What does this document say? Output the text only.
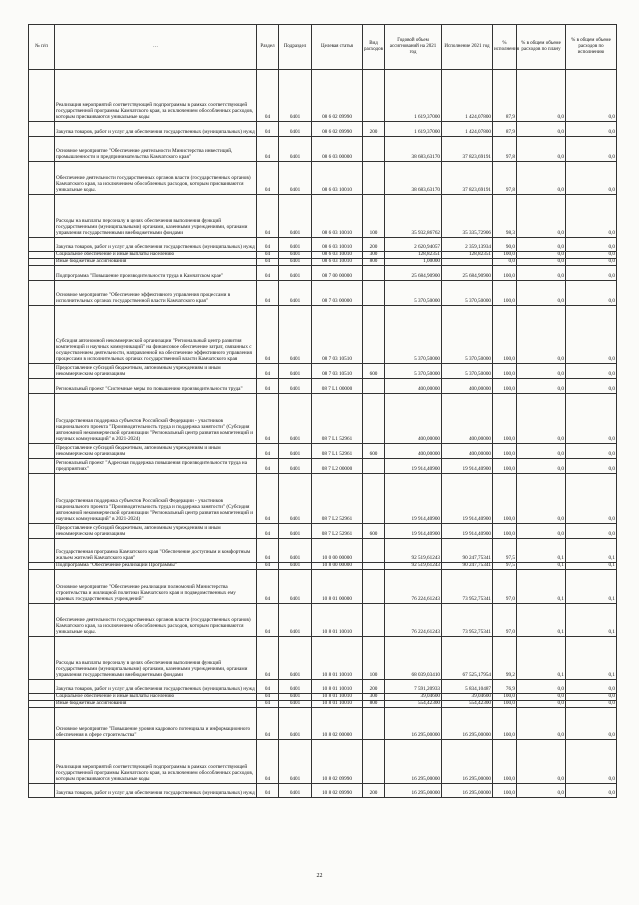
№ п/п	…	Раздел	Подраздел	Целевая статья	Вид расходов	Годовой объем ассигнований на 2021 год	Исполнение 2021 год	% исполнения	% в общем объеме расходов по плану	% в общем объеме расходов по исполнению
	Реализация мероприятий соответствующей подпрограммы в рамках соответствующей государственной программы Камчатского края, за исключением обособленных расходов, которым присваиваются уникальные коды	04	0401	08 6 02 09990		1 619,37000	1 424,07800	87,9	0,0	0,0
	Закупка товаров, работ и услуг для обеспечения государственных (муниципальных) нужд	04	0401	08 6 02 09990	200	1 619,37000	1 424,07800	87,9	0,0	0,0
	Основное мероприятие "Обеспечение деятельности Министерства инвестиций, промышленности и предпринимательства Камчатского края"	04	0401	08 6 03 00000		38 683,63170	37 823,69191	97,8	0,0	0,0
	Обеспечение деятельности государственных органов власти (государственных органов) Камчатского края, за исключением обособленных расходов, которым присваиваются уникальные коды.	04	0401	08 6 03 10010		38 683,63170	37 823,69191	97,8	0,0	0,0
	Расходы на выплаты персоналу в целях обеспечения выполнения функций государственными (муниципальными) органами, казенными учреждениями, органами управления государственными внебюджетными фондами	04	0401	08 6 03 10010	100	35 932,86762	35 335,72906	98,3	0,0	0,0
	Закупка товаров, работ и услуг для обеспечения государственных (муниципальных) нужд	04	0401	08 6 03 10010	200	2 620,94057	2 359,13934	90,0	0,0	0,0
	Социальное обеспечение и иные выплаты населению	04	0401	08 6 03 10010	300	128,82351	128,82351	100,0	0,0	0,0
	Иные бюджетные ассигнования	04	0401	08 6 03 10010	800	1,00000		0,0	0,0	0,0
	Подпрограмма "Повышение производительности труда в Камчатском крае"	04	0401	08 7 00 00000		25 684,90900	25 684,90900	100,0	0,0	0,0
	Основное мероприятие "Обеспечение эффективного управления процессами в исполнительных органах государственной власти Камчатского края"	04	0401	08 7 03 00000		5 370,50000	5 370,50000	100,0	0,0	0,0
	Субсидия автономной некоммерческой организации "Региональный центр развития компетенций и научных коммуникаций" на финансовое обеспечение затрат, связанных с осуществлением деятельности, направленной на обеспечение эффективного управления процессами в исполнительных органах государственной власти Камчатского края	04	0401	08 7 03 10510		5 370,50000	5 370,50000	100,0	0,0	0,0
	Предоставление субсидий бюджетным, автономным учреждениям и иным некоммерческим организациям	04	0401	08 7 03 10510	600	5 370,50000	5 370,50000	100,0	0,0	0,0
	Региональный проект "Системные меры по повышению производительности труда"	04	0401	08 7 L1 00000		400,00000	400,00000	100,0	0,0	0,0
	Государственная поддержка субъектов Российской Федерации - участников национального проекта "Производительность труда и поддержка занятости" (Субсидия автономной некоммерческой организации "Региональный центр развития компетенций и научных коммуникаций" в 2021-2024)	04	0401	08 7 L1 52961		400,00000	400,00000	100,0	0,0	0,0
	Предоставление субсидий бюджетным, автономным учреждениям и иным некоммерческим организациям	04	0401	08 7 L1 52961	600	400,00000	400,00000	100,0	0,0	0,0
	Региональный проект "Адресная поддержка повышения производительности труда на предприятиях"	04	0401	08 7 L2 00000		19 914,40900	19 914,40900	100,0	0,0	0,0
	Государственная поддержка субъектов Российской Федерации - участников национального проекта "Производительность труда и поддержка занятости" (Субсидия автономной некоммерческой организации "Региональный центр развития компетенций и научных коммуникаций" в 2021-2024)	04	0401	08 7 L2 52961		19 914,40900	19 914,40900	100,0	0,0	0,0
	Предоставление субсидий бюджетным, автономным учреждениям и иным некоммерческим организациям	04	0401	08 7 L2 52961	600	19 914,40900	19 914,40900	100,0	0,0	0,0
	Государственная программа Камчатского края "Обеспечение доступным и комфортным жильем жителей Камчатского края"	04	0401	10 0 00 00000		92 519,61243	90 247,75341	97,5	0,1	0,1
	Подпрограмма "Обеспечение реализации Программы"	04	0401	10 8 00 00000		92 519,61243	90 247,75341	97,5	0,1	0,1
	Основное мероприятие "Обеспечение реализации полномочий Министерства строительства и жилищной политики Камчатского края и подведомственных ему краевых государственных учреждений"	04	0401	10 8 01 00000		76 224,61243	73 952,75341	97,0	0,1	0,1
	Обеспечение деятельности государственных органов власти (государственных органов) Камчатского края, за исключением обособленных расходов, которым присваиваются уникальные коды.	04	0401	10 8 01 10010		76 224,61243	73 952,75341	97,0	0,1	0,1
	Расходы на выплаты персоналу в целях обеспечения выполнения функций государственными (муниципальными) органами, казенными учреждениями, органами управления государственными внебюджетными фондами	04	0401	10 8 01 10010	100	68 039,03410	67 525,17954	99,2	0,1	0,1
	Закупка товаров, работ и услуг для обеспечения государственных (муниципальных) нужд	04	0401	10 8 01 10010	200	7 591,20933	5 834,10487	76,9	0,0	0,0
	Социальное обеспечение и иные выплаты населению	04	0401	10 8 01 10010	300	39,04600	39,04600	100,0	0,0	0,0
	Иные бюджетные ассигнования	04	0401	10 8 01 10010	800	554,42300	554,42300	100,0	0,0	0,0
	Основное мероприятие "Повышение уровня кадрового потенциала и информационного обеспечения в сфере строительства"	04	0401	10 8 02 00000		16 295,00000	16 295,00000	100,0	0,0	0,0
	Реализация мероприятий соответствующей подпрограммы в рамках соответствующей государственной программы Камчатского края, за исключением обособленных расходов, которым присваиваются уникальные коды	04	0401	10 8 02 09990		16 295,00000	16 295,00000	100,0	0,0	0,0
	Закупка товаров, работ и услуг для обеспечения государственных (муниципальных) нужд	04	0401	10 8 02 09990	200	16 295,00000	16 295,00000	100,0	0,0	0,0
22
